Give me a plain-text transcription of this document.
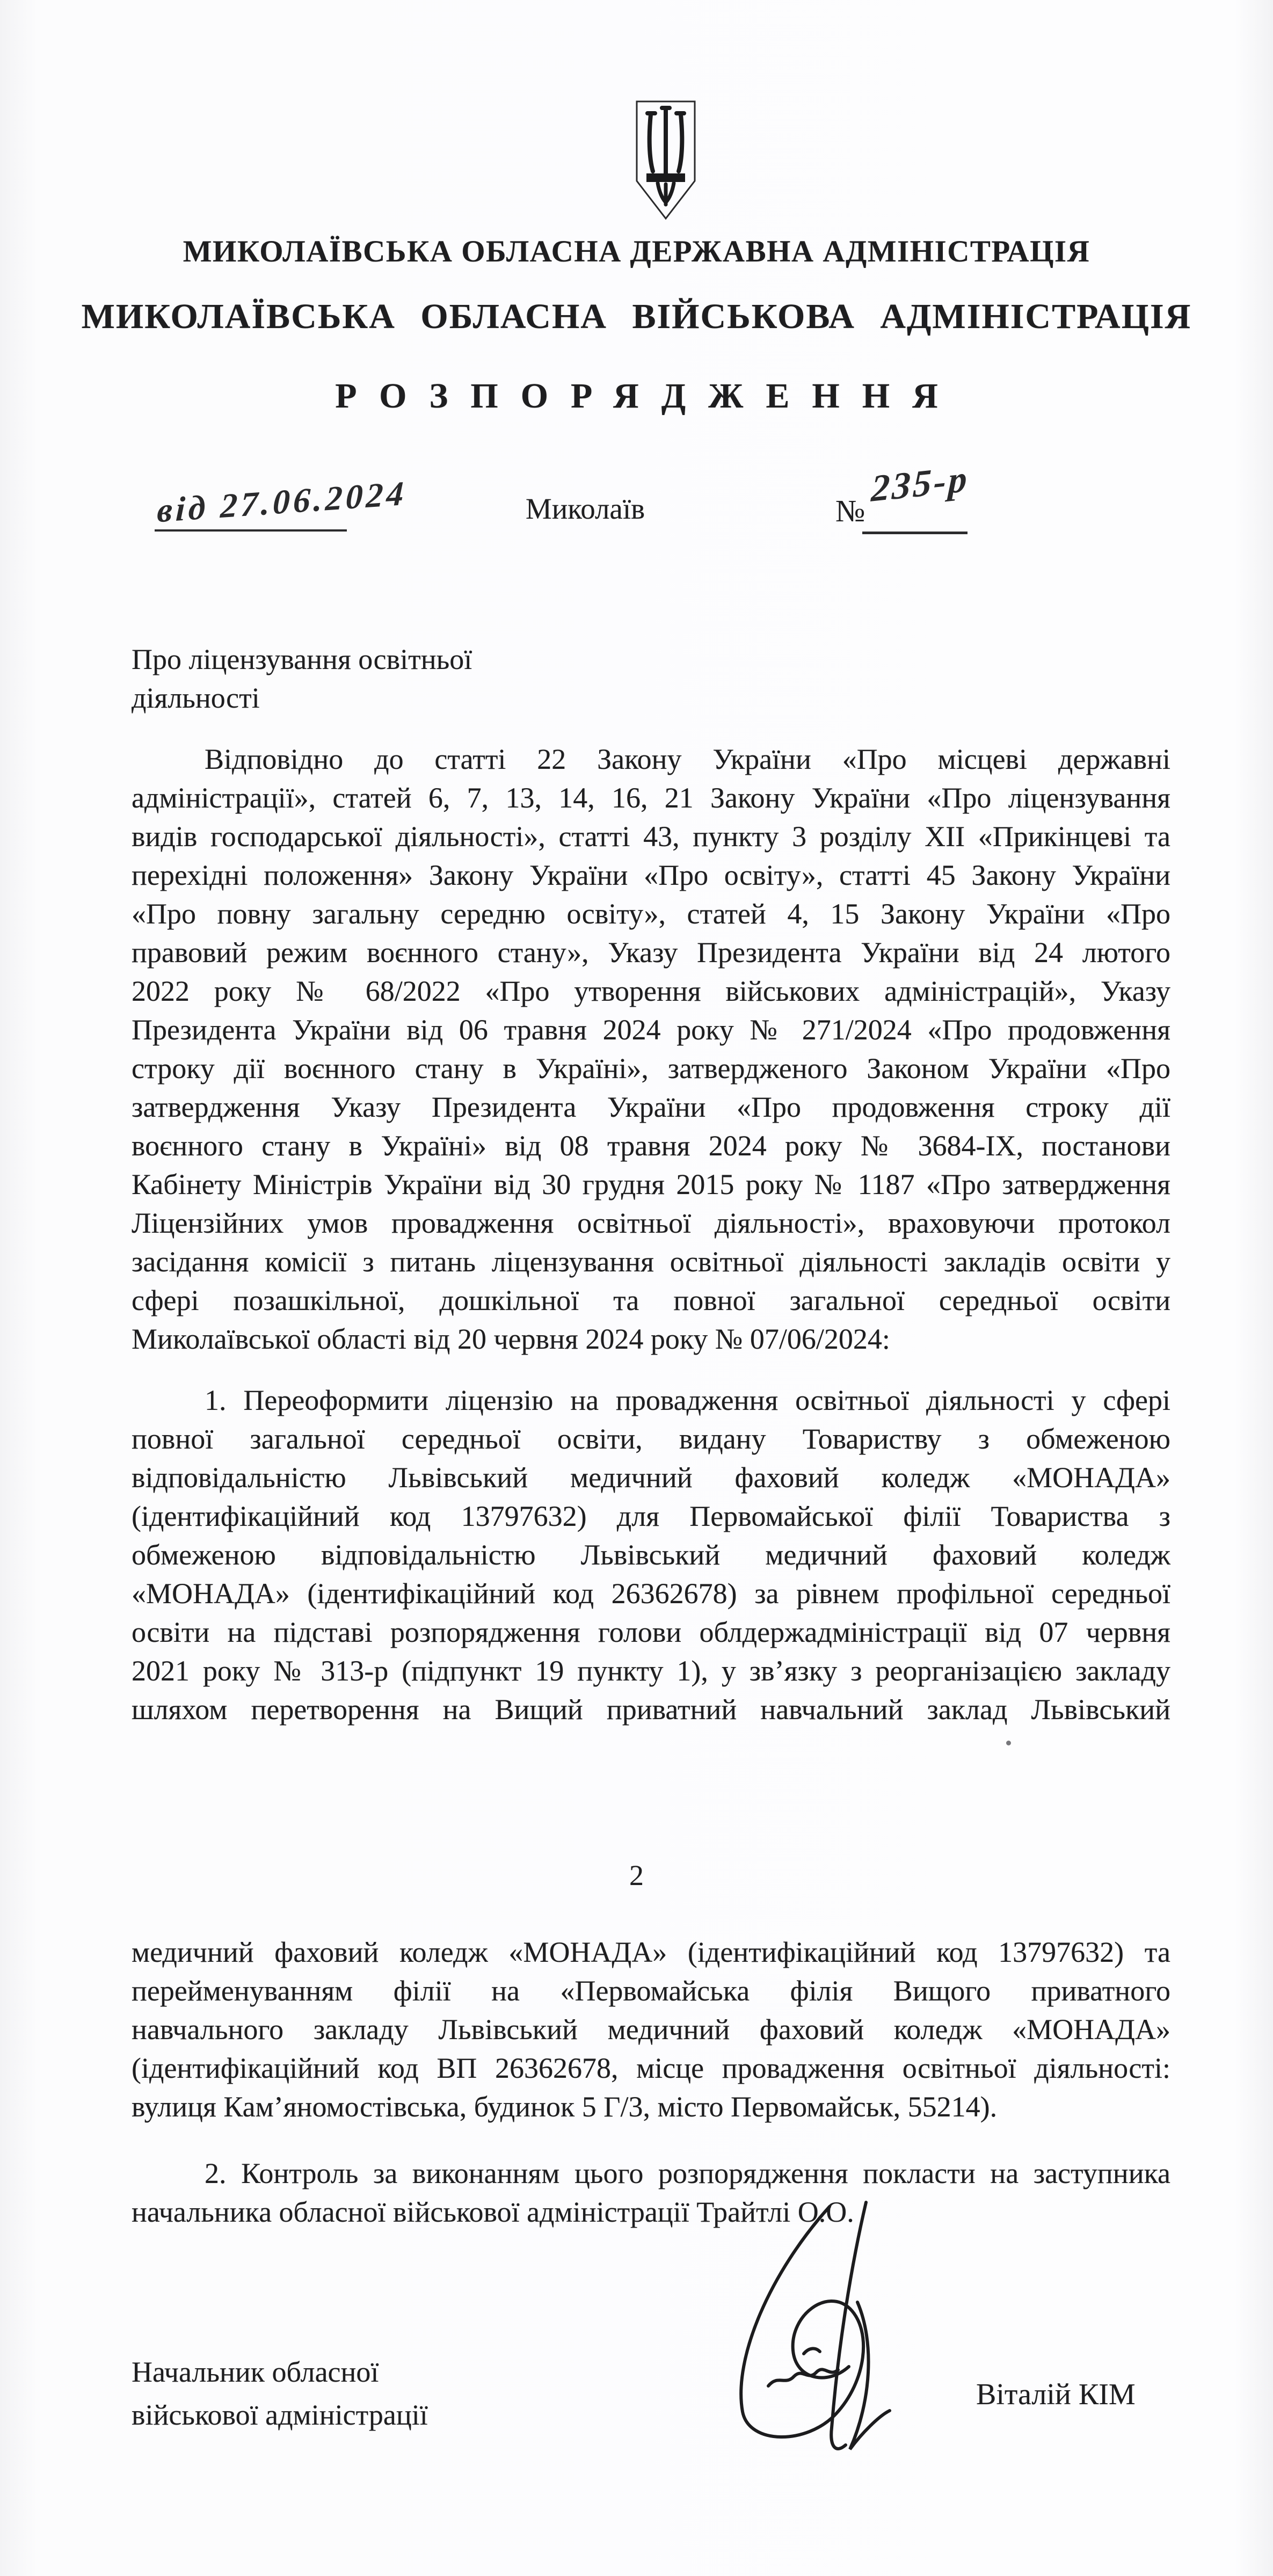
МИКОЛАЇВСЬКА ОБЛАСНА ДЕРЖАВНА АДМІНІСТРАЦІЯ
МИКОЛАЇВСЬКА ОБЛАСНА ВІЙСЬКОВА АДМІНІСТРАЦІЯ
РОЗПОРЯДЖЕННЯ
від 27.06.2024	Миколаїв	№
235-р
Про ліцензування освітньої
діяльності
Відповідно до статті 22 Закону України «Про місцеві державні
адміністрації», статей 6, 7, 13, 14, 16, 21 Закону України «Про ліцензування
видів господарської діяльності», статті 43, пункту 3 розділу ХІІ «Прикінцеві та
перехідні положення» Закону України «Про освіту», статті 45 Закону України
«Про повну загальну середню освіту», статей 4, 15 Закону України «Про
правовий режим воєнного стану», Указу Президента України від 24 лютого
2022 року № 68/2022 «Про утворення військових адміністрацій», Указу
Президента України від 06 травня 2024 року № 271/2024 «Про продовження
строку дії воєнного стану в Україні», затвердженого Законом України «Про
затвердження Указу Президента України «Про продовження строку дії
воєнного стану в Україні» від 08 травня 2024 року № 3684-ІХ, постанови
Кабінету Міністрів України від 30 грудня 2015 року № 1187 «Про затвердження
Ліцензійних умов провадження освітньої діяльності», враховуючи протокол
засідання комісії з питань ліцензування освітньої діяльності закладів освіти у
сфері позашкільної, дошкільної та повної загальної середньої освіти
Миколаївської області від 20 червня 2024 року № 07/06/2024:
1. Переоформити ліцензію на провадження освітньої діяльності у сфері
повної загальної середньої освіти, видану Товариству з обмеженою
відповідальністю Львівський медичний фаховий коледж «МОНАДА»
(ідентифікаційний код 13797632) для Первомайської філії Товариства з
обмеженою відповідальністю Львівський медичний фаховий коледж
«МОНАДА» (ідентифікаційний код 26362678) за рівнем профільної середньої
освіти на підставі розпорядження голови облдержадміністрації від 07 червня
2021 року № 313-р (підпункт 19 пункту 1), у зв’язку з реорганізацією закладу
шляхом перетворення на Вищий приватний навчальний заклад Львівський
2
медичний фаховий коледж «МОНАДА» (ідентифікаційний код 13797632) та
перейменуванням філії на «Первомайська філія Вищого приватного
навчального закладу Львівський медичний фаховий коледж «МОНАДА»
(ідентифікаційний код ВП 26362678, місце провадження освітньої діяльності:
вулиця Кам’яномостівська, будинок 5 Г/3, місто Первомайськ, 55214).
2. Контроль за виконанням цього розпорядження покласти на заступника
начальника обласної військової адміністрації Трайтлі О.О.
Начальник обласної
військової адміністрації
Віталій КІМ
